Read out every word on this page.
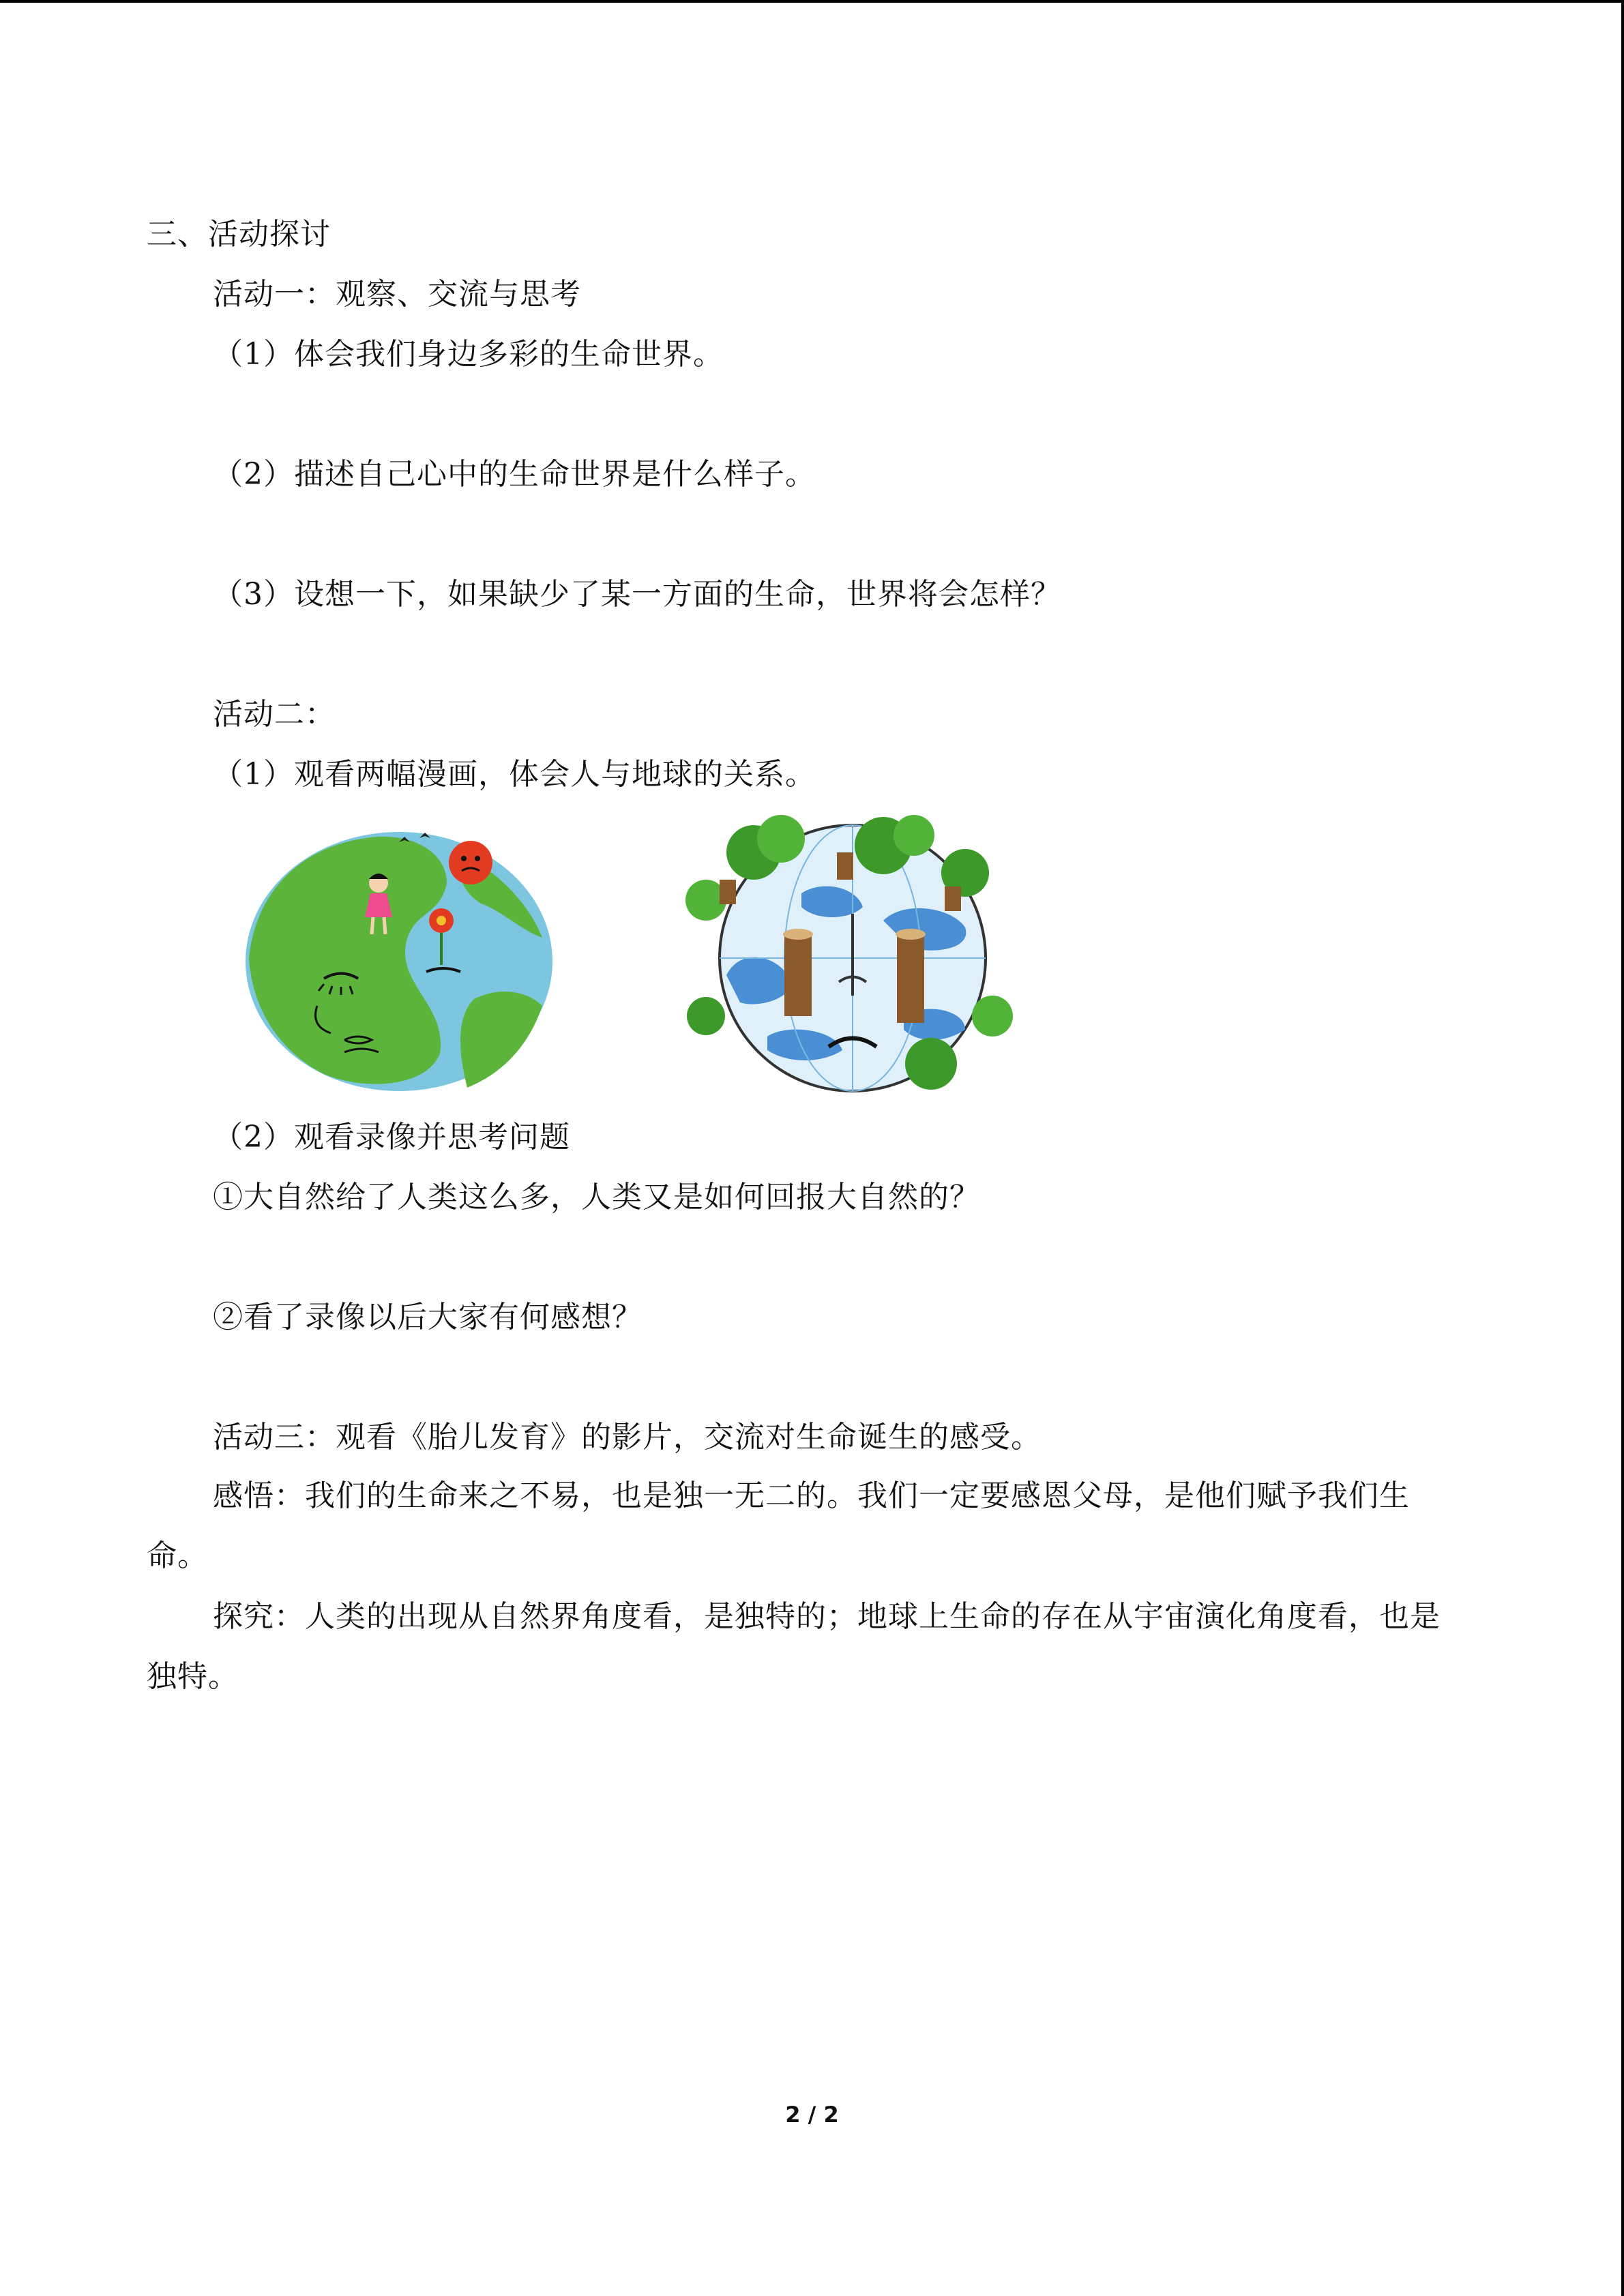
三、活动探讨
活动一：观察、交流与思考
（1）体会我们身边多彩的生命世界。
（2）描述自己心中的生命世界是什么样子。
（3）设想一下，如果缺少了某一方面的生命，世界将会怎样？
活动二：
（1）观看两幅漫画，体会人与地球的关系。
（2）观看录像并思考问题
①大自然给了人类这么多，人类又是如何回报大自然的？
②看了录像以后大家有何感想？
活动三：观看《胎儿发育》的影片，交流对生命诞生的感受。
感悟：我们的生命来之不易，也是独一无二的。我们一定要感恩父母，是他们赋予我们生命。
探究：人类的出现从自然界角度看，是独特的；地球上生命的存在从宇宙演化角度看，也是独特。
2 / 2
